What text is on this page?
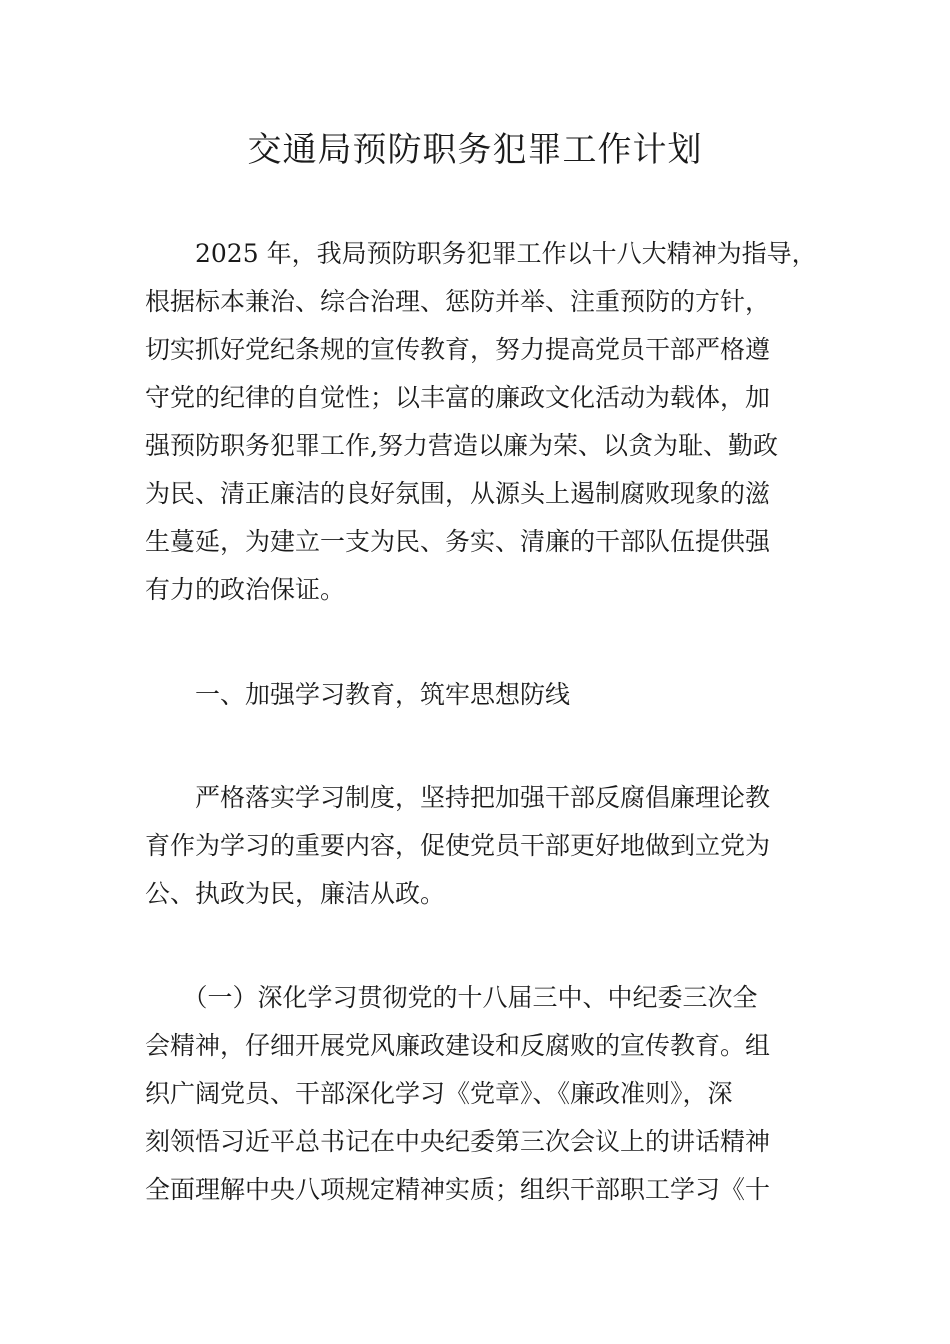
交通局预防职务犯罪工作计划

　　2025 年，我局预防职务犯罪工作以十八大精神为指导，

根据标本兼治、综合治理、惩防并举、注重预防的方针，

切实抓好党纪条规的宣传教育，努力提高党员干部严格遵

守党的纪律的自觉性；以丰富的廉政文化活动为载体，加

强预防职务犯罪工作,努力营造以廉为荣、以贪为耻、勤政

为民、清正廉洁的良好氛围，从源头上遏制腐败现象的滋

生蔓延，为建立一支为民、务实、清廉的干部队伍提供强

有力的政治保证。

　　一、加强学习教育，筑牢思想防线

　　严格落实学习制度，坚持把加强干部反腐倡廉理论教

育作为学习的重要内容，促使党员干部更好地做到立党为

公、执政为民，廉洁从政。

　　（一）深化学习贯彻党的十八届三中、中纪委三次全

会精神，仔细开展党风廉政建设和反腐败的宣传教育。组

织广阔党员、干部深化学习《党章》、《廉政准则》，深

刻领悟习近平总书记在中央纪委第三次会议上的讲话精神

全面理解中央八项规定精神实质；组织干部职工学习《十
